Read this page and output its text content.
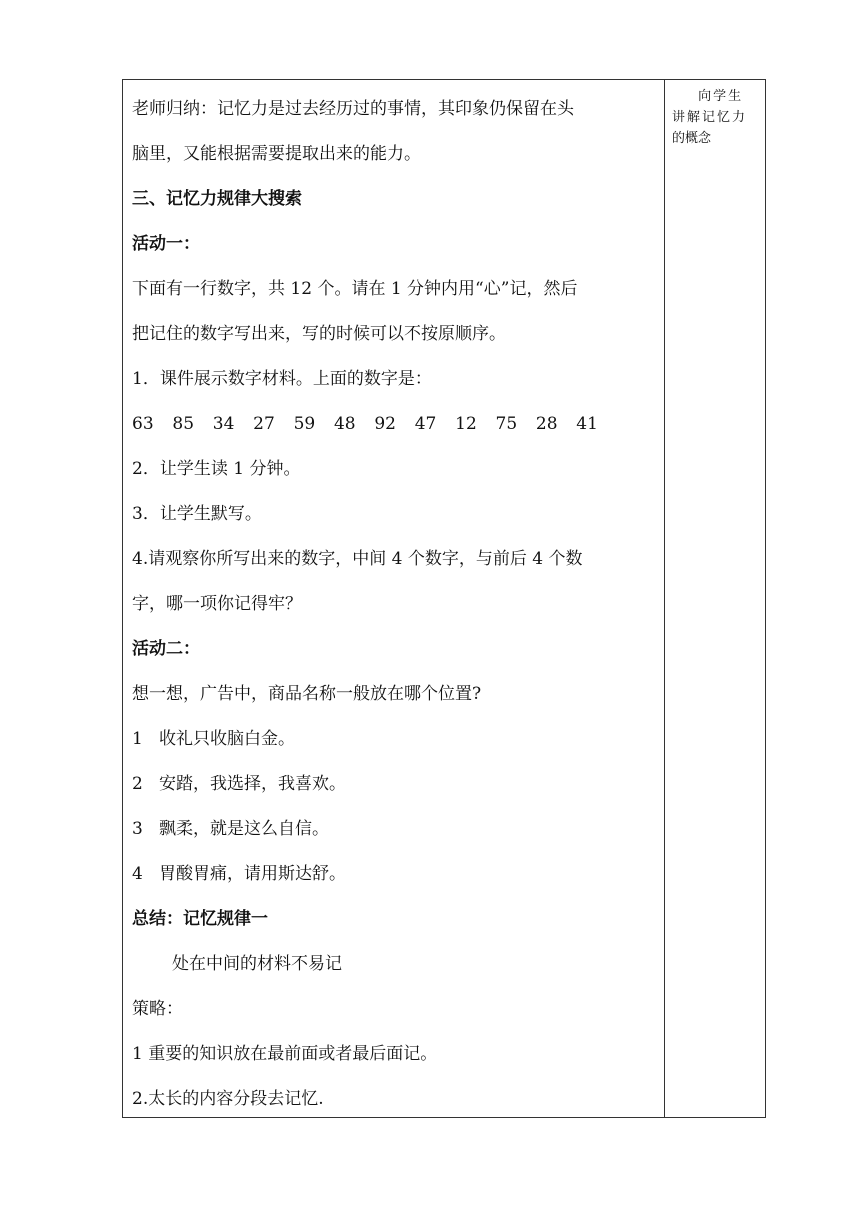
老师归纳：记忆力是过去经历过的事情，其印象仍保留在头
脑里，又能根据需要提取出来的能力。
三、记忆力规律大搜索
活动一：
下面有一行数字，共 12 个。请在 1 分钟内用“心”记，然后
把记住的数字写出来，写的时候可以不按原顺序。
1．课件展示数字材料。上面的数字是：
63	85	34	27	59	48	92	47	12	75	28	41
2．让学生读 1 分钟。
3．让学生默写。
4.请观察你所写出来的数字，中间 4 个数字，与前后 4 个数
字，哪一项你记得牢？
活动二：
想一想，广告中，商品名称一般放在哪个位置?
1   收礼只收脑白金。
2   安踏，我选择，我喜欢。
3   飘柔，就是这么自信。
4   胃酸胃痛，请用斯达舒。
总结：记忆规律一
处在中间的材料不易记
策略：
1 重要的知识放在最前面或者最后面记。
2.太长的内容分段去记忆.
向学生
讲解记忆力
的概念
